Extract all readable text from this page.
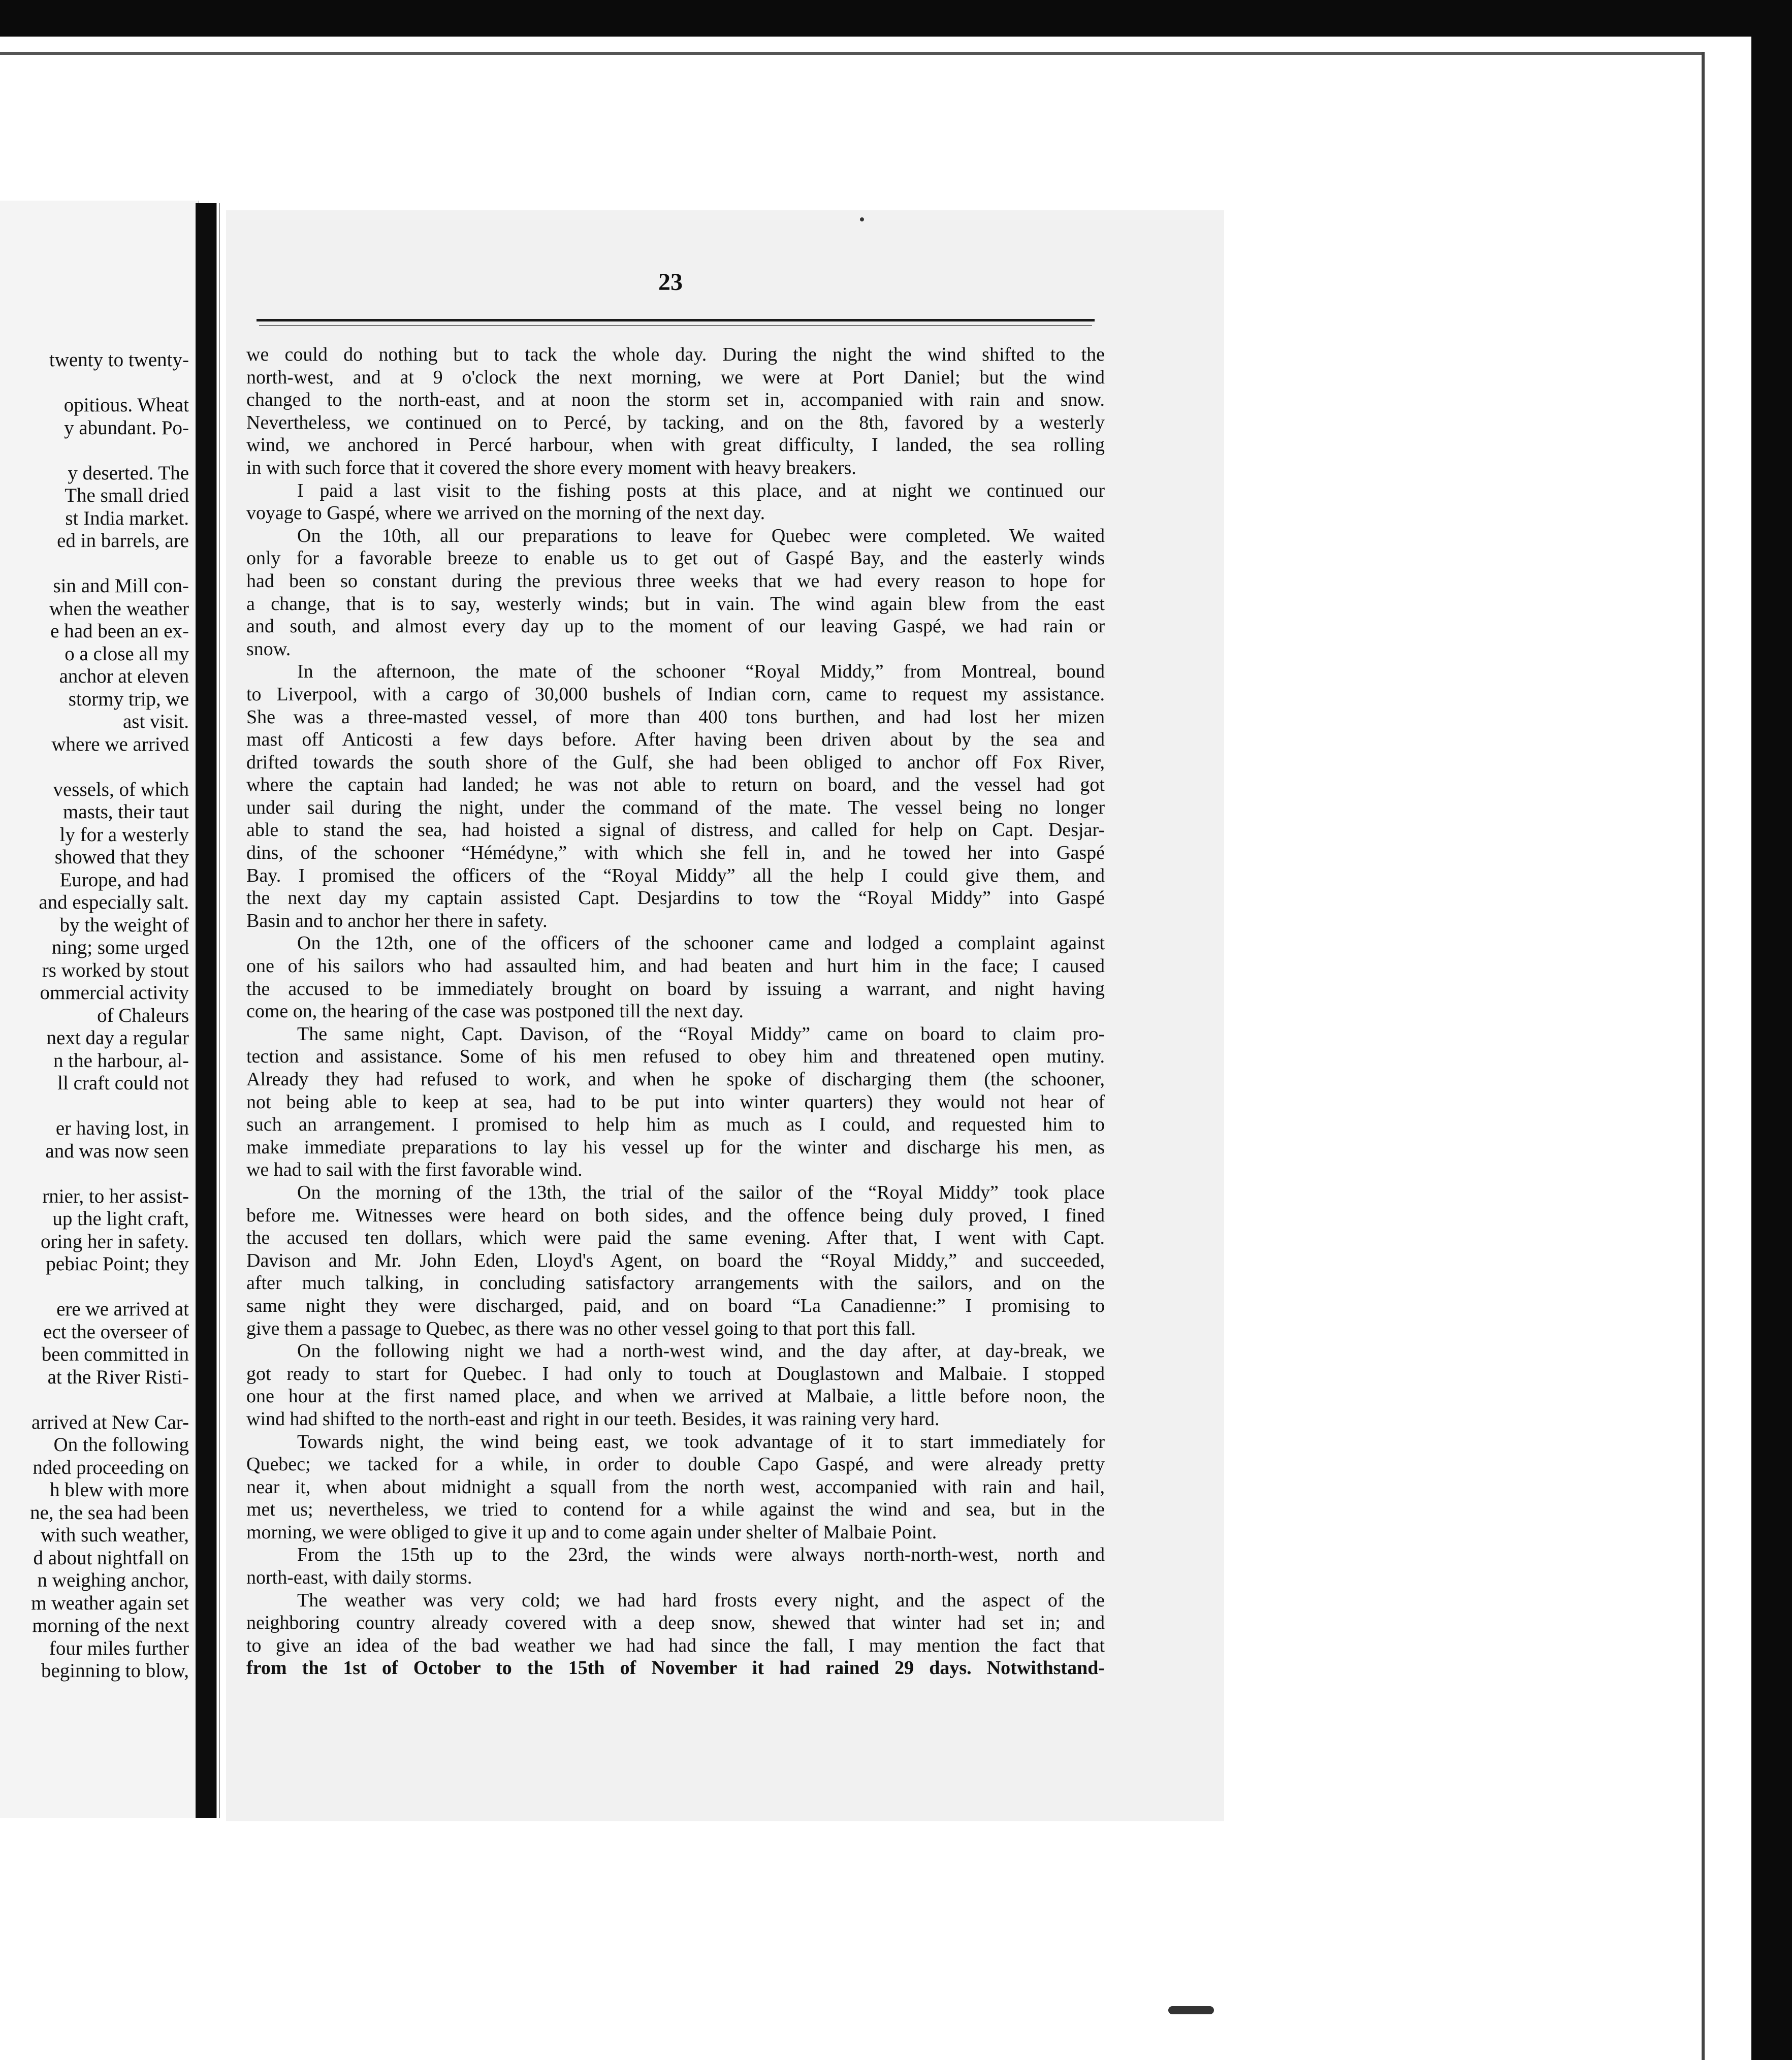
twenty to twenty-
opitious. Wheat
y abundant. Po-
y deserted. The
The small dried
st India market.
ed in barrels, are
sin and Mill con-
when the weather
e had been an ex-
o a close all my
anchor at eleven
stormy trip, we
ast visit.
where we arrived
vessels, of which
masts, their taut
ly for a westerly
showed that they
Europe, and had
and especially salt.
by the weight of
ning; some urged
rs worked by stout
ommercial activity
of Chaleurs
next day a regular
n the harbour, al-
ll craft could not
er having lost, in
and was now seen
rnier, to her assist-
up the light craft,
oring her in safety.
pebiac Point; they
ere we arrived at
ect the overseer of
been committed in
at the River Risti-
arrived at New Car-
On the following
nded proceeding on
h blew with more
ne, the sea had been
with such weather,
d about nightfall on
n weighing anchor,
m weather again set
morning of the next
four miles further
beginning to blow,
23
we could do nothing but to tack the whole day. During the night the wind shifted to the
north-west, and at 9 o'clock the next morning, we were at Port Daniel; but the wind
changed to the north-east, and at noon the storm set in, accompanied with rain and snow.
Nevertheless, we continued on to Percé, by tacking, and on the 8th, favored by a westerly
wind, we anchored in Percé harbour, when with great difficulty, I landed, the sea rolling
in with such force that it covered the shore every moment with heavy breakers.
I paid a last visit to the fishing posts at this place, and at night we continued our
voyage to Gaspé, where we arrived on the morning of the next day.
On the 10th, all our preparations to leave for Quebec were completed. We waited
only for a favorable breeze to enable us to get out of Gaspé Bay, and the easterly winds
had been so constant during the previous three weeks that we had every reason to hope for
a change, that is to say, westerly winds; but in vain. The wind again blew from the east
and south, and almost every day up to the moment of our leaving Gaspé, we had rain or
snow.
In the afternoon, the mate of the schooner “Royal Middy,” from Montreal, bound
to Liverpool, with a cargo of 30,000 bushels of Indian corn, came to request my assistance.
She was a three-masted vessel, of more than 400 tons burthen, and had lost her mizen
mast off Anticosti a few days before. After having been driven about by the sea and
drifted towards the south shore of the Gulf, she had been obliged to anchor off Fox River,
where the captain had landed; he was not able to return on board, and the vessel had got
under sail during the night, under the command of the mate. The vessel being no longer
able to stand the sea, had hoisted a signal of distress, and called for help on Capt. Desjar-
dins, of the schooner “Hémédyne,” with which she fell in, and he towed her into Gaspé
Bay. I promised the officers of the “Royal Middy” all the help I could give them, and
the next day my captain assisted Capt. Desjardins to tow the “Royal Middy” into Gaspé
Basin and to anchor her there in safety.
On the 12th, one of the officers of the schooner came and lodged a complaint against
one of his sailors who had assaulted him, and had beaten and hurt him in the face; I caused
the accused to be immediately brought on board by issuing a warrant, and night having
come on, the hearing of the case was postponed till the next day.
The same night, Capt. Davison, of the “Royal Middy” came on board to claim pro-
tection and assistance. Some of his men refused to obey him and threatened open mutiny.
Already they had refused to work, and when he spoke of discharging them (the schooner,
not being able to keep at sea, had to be put into winter quarters) they would not hear of
such an arrangement. I promised to help him as much as I could, and requested him to
make immediate preparations to lay his vessel up for the winter and discharge his men, as
we had to sail with the first favorable wind.
On the morning of the 13th, the trial of the sailor of the “Royal Middy” took place
before me. Witnesses were heard on both sides, and the offence being duly proved, I fined
the accused ten dollars, which were paid the same evening. After that, I went with Capt.
Davison and Mr. John Eden, Lloyd's Agent, on board the “Royal Middy,” and succeeded,
after much talking, in concluding satisfactory arrangements with the sailors, and on the
same night they were discharged, paid, and on board “La Canadienne:” I promising to
give them a passage to Quebec, as there was no other vessel going to that port this fall.
On the following night we had a north-west wind, and the day after, at day-break, we
got ready to start for Quebec. I had only to touch at Douglastown and Malbaie. I stopped
one hour at the first named place, and when we arrived at Malbaie, a little before noon, the
wind had shifted to the north-east and right in our teeth. Besides, it was raining very hard.
Towards night, the wind being east, we took advantage of it to start immediately for
Quebec; we tacked for a while, in order to double Capo Gaspé, and were already pretty
near it, when about midnight a squall from the north west, accompanied with rain and hail,
met us; nevertheless, we tried to contend for a while against the wind and sea, but in the
morning, we were obliged to give it up and to come again under shelter of Malbaie Point.
From the 15th up to the 23rd, the winds were always north-north-west, north and
north-east, with daily storms.
The weather was very cold; we had hard frosts every night, and the aspect of the
neighboring country already covered with a deep snow, shewed that winter had set in; and
to give an idea of the bad weather we had had since the fall, I may mention the fact that
from the 1st of October to the 15th of November it had rained 29 days. Notwithstand-
